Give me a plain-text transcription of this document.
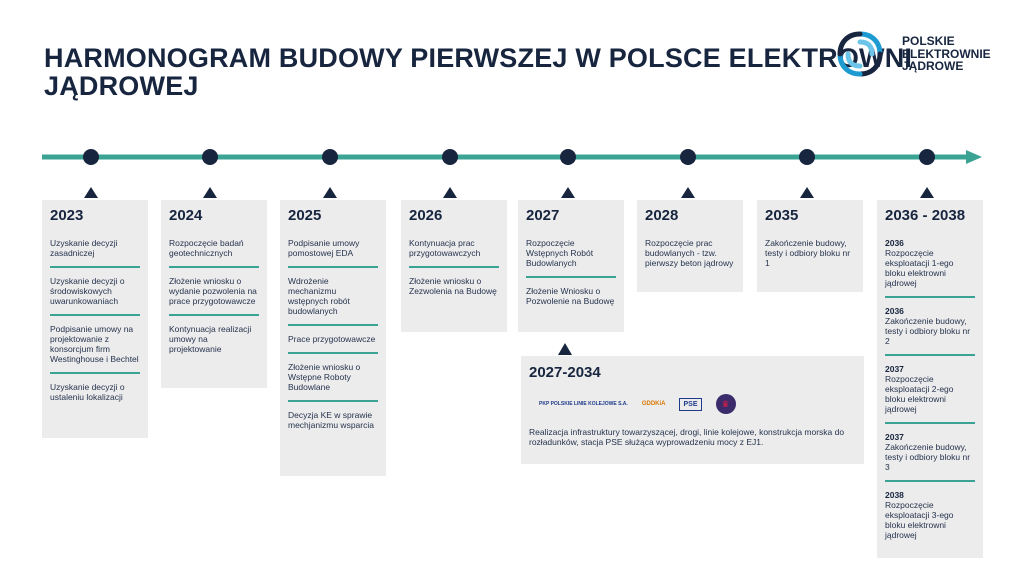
HARMONOGRAM BUDOWY PIERWSZEJ W POLSCE ELEKTROWNI JĄDROWEJ
POLSKIE
ELEKTROWNIE
JĄDROWE
2023
Uzyskanie decyzji zasadniczej
Uzyskanie decyzji o środowiskowych uwarunkowaniach
Podpisanie umowy na projektowanie z konsorcjum firm Westinghouse i Bechtel
Uzyskanie decyzji o ustaleniu lokalizacji
2024
Rozpoczęcie badań geotechnicznych
Złożenie wniosku o wydanie pozwolenia na prace przygotowawcze
Kontynuacja realizacji umowy na projektowanie
2025
Podpisanie umowy pomostowej EDA
Wdrożenie mechanizmu wstępnych robót budowlanych
Prace przygotowawcze
Złożenie wniosku o Wstępne Roboty Budowlane
Decyzja KE w sprawie mechjanizmu wsparcia
2026
Kontynuacja prac przygotowawczych
Złożenie wniosku o Zezwolenia na Budowę
2027
Rozpoczęcie Wstępnych Robót Budowlanych
Złożenie Wniosku o Pozwolenie na Budowę
2028
Rozpoczęcie prac budowlanych - tzw. pierwszy beton jądrowy
2035
Zakończenie budowy, testy i odbiory bloku nr 1
2036 - 2038
2036
Rozpoczęcie eksploatacji 1-ego bloku elektrowni jądrowej
2036
Zakończenie budowy, testy i odbiory bloku nr 2
2037
Rozpoczęcie eksploatacji 2-ego bloku elektrowni jądrowej
2037
Zakończenie budowy, testy i odbiory bloku nr 3
2038
Rozpoczęcie eksploatacji 3-ego bloku elektrowni jądrowej
2027-2034
PKP POLSKIE LINIE KOLEJOWE S.A. GDDKiA	PSE	♛
Realizacja infrastruktury towarzyszącej, drogi, linie kolejowe, konstrukcja morska do rozładunków, stacja PSE służąca wyprowadzeniu mocy z EJ1.
